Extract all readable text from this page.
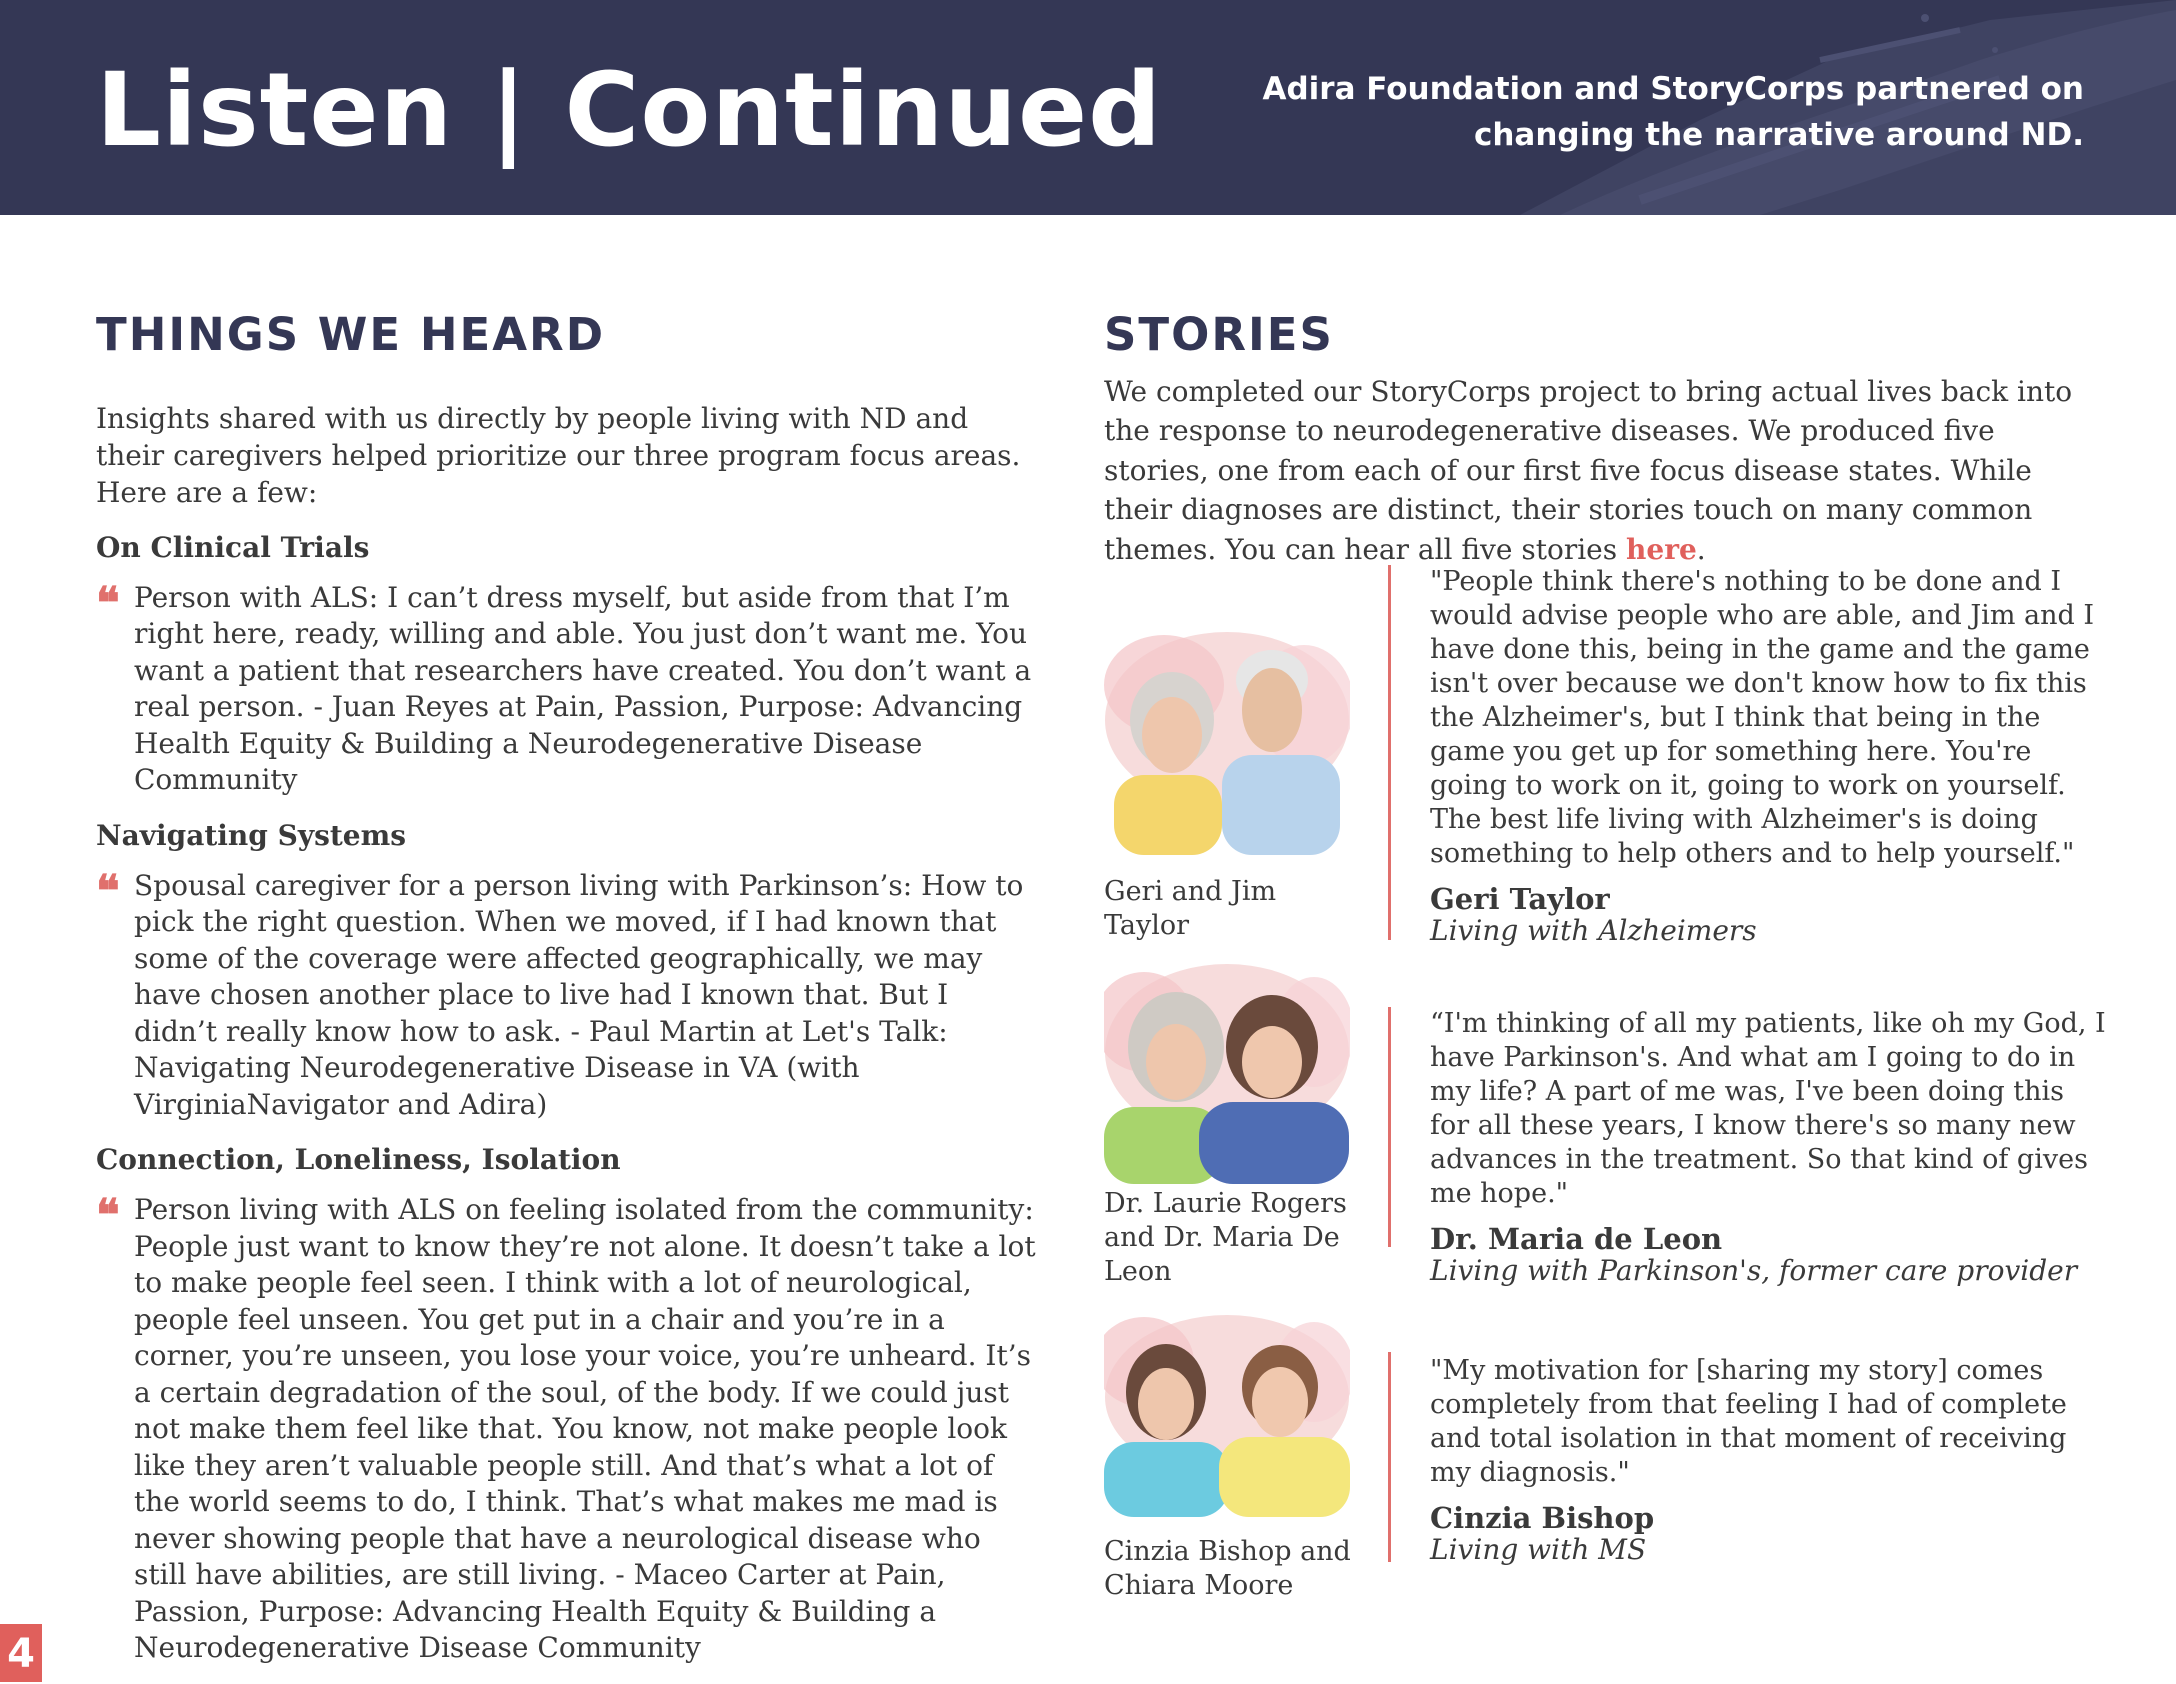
Listen | Continued	Adira Foundation and StoryCorps partnered on
changing the narrative around ND.
THINGS WE HEARD

Insights shared with us directly by people living with ND and their caregivers helped prioritize our three program focus areas. Here are a few:

On Clinical Trials
❝ Person with ALS: I can’t dress myself, but aside from that I’m right here, ready, willing and able. You just don’t want me. You want a patient that researchers have created. You don’t want a real person. - Juan Reyes at Pain, Passion, Purpose: Advancing Health Equity & Building a Neurodegenerative Disease Community
Navigating Systems
❝ Spousal caregiver for a person living with Parkinson’s: How to pick the right question. When we moved, if I had known that some of the coverage were affected geographically, we may have chosen another place to live had I known that. But I didn’t really know how to ask. - Paul Martin at Let's Talk: Navigating Neurodegenerative Disease in VA (with VirginiaNavigator and Adira)
Connection, Loneliness, Isolation
❝ Person living with ALS on feeling isolated from the community: People just want to know they’re not alone. It doesn’t take a lot to make people feel seen. I think with a lot of neurological, people feel unseen. You get put in a chair and you’re in a corner, you’re unseen, you lose your voice, you’re unheard. It’s a certain degradation of the soul, of the body. If we could just not make them feel like that. You know, not make people look like they aren’t valuable people still. And that’s what a lot of the world seems to do, I think. That’s what makes me mad is never showing people that have a neurological disease who still have abilities, are still living. - Maceo Carter at Pain, Passion, Purpose: Advancing Health Equity & Building a Neurodegenerative Disease Community
STORIES

We completed our StoryCorps project to bring actual lives back into the response to neurodegenerative diseases. We produced five stories, one from each of our first five focus disease states. While their diagnoses are distinct, their stories touch on many common themes. You can hear all five stories here.

Geri and Jim Taylor
"People think there's nothing to be done and I would advise people who are able, and Jim and I have done this, being in the game and the game isn't over because we don't know how to fix this the Alzheimer's, but I think that being in the game you get up for something here. You're going to work on it, going to work on yourself. The best life living with Alzheimer's is doing something to help others and to help yourself."
Geri Taylor
Living with Alzheimers
Dr. Laurie Rogers and Dr. Maria De Leon
“I'm thinking of all my patients, like oh my God, I have Parkinson's. And what am I going to do in my life? A part of me was, I've been doing this for all these years, I know there's so many new advances in the treatment. So that kind of gives me hope."
Dr. Maria de Leon
Living with Parkinson's, former care provider
Cinzia Bishop and Chiara Moore
"My motivation for [sharing my story] comes completely from that feeling I had of complete and total isolation in that moment of receiving my diagnosis."
Cinzia Bishop
Living with MS
4
